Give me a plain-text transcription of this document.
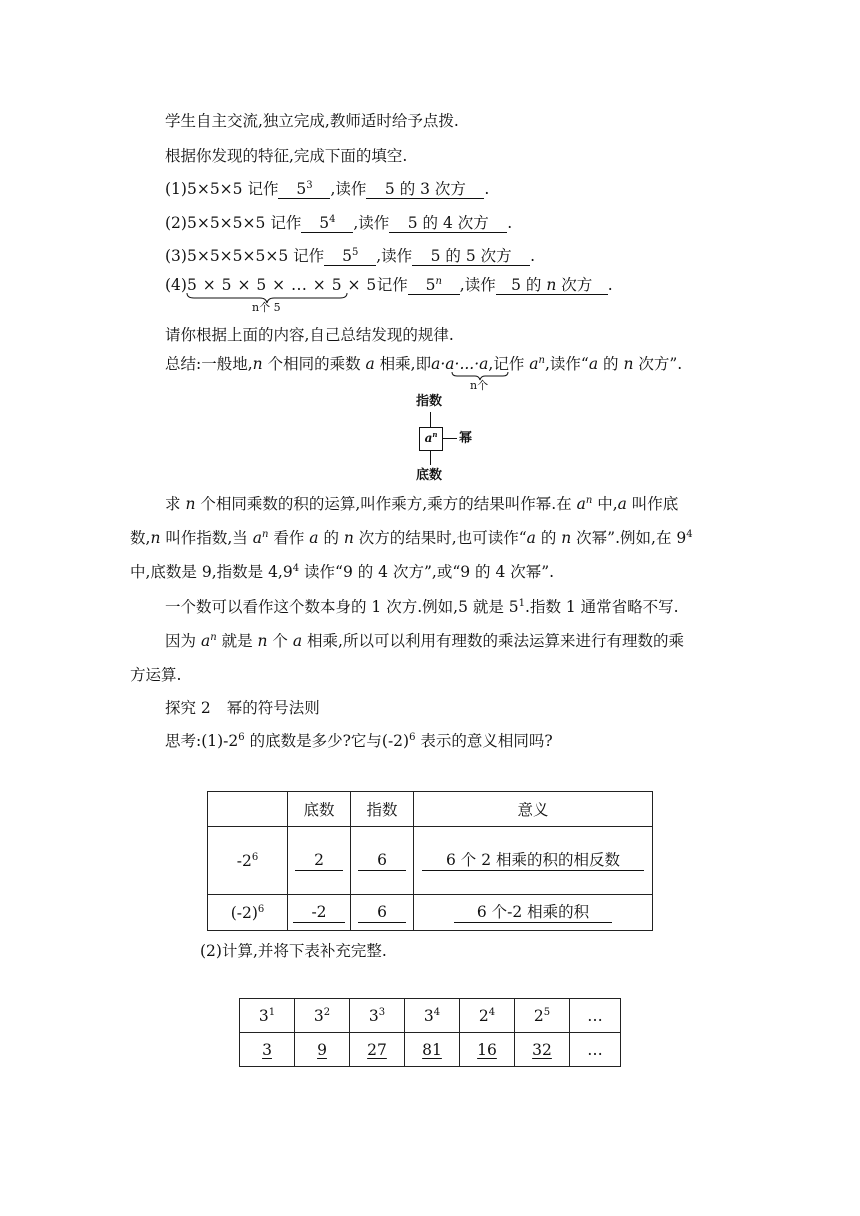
学生自主交流,独立完成,教师适时给予点拨.
根据你发现的特征,完成下面的填空.
(1)5×5×5 记作 $5^3$ ,读作 5 的 3 次方 .
(2)5×5×5×5 记作 $5^4$ ,读作 5 的 4 次方 .
(3)5×5×5×5×5 记作 $5^5$ ,读作 5 的 5 次方 .
(4)5 × 5 × 5 × ... × 5 × 5记作 5$^n$ ,读作 5 的 n 次方 .
n个 5
请你根据上面的内容,自己总结发现的规律.
总结:一般地,n 个相同的乘数 a 相乘,即a·a·...·a,记作 $a^n$,读作“a 的 n 次方”.
n个
指数
$a^n$	幂
底数
求 n 个相同乘数的积的运算,叫作乘方,乘方的结果叫作幂.在 $a^n$ 中,a 叫作底
数,n 叫作指数,当 $a^n$ 看作 a 的 n 次方的结果时,也可读作“a 的 n 次幂”.例如,在 $9^4$
中,底数是 9,指数是 $4,9^4$ 读作“9 的 4 次方”,或“9 的 4 次幂”.
一个数可以看作这个数本身的 1 次方.例如,5 就是 $5^1$.指数 1 通常省略不写.
因为 $a^n$ 就是 n 个 a 相乘,所以可以利用有理数的乘法运算来进行有理数的乘
方运算.
探究 2 幂的符号法则
思考$:(1)-2^6$ 的底数是多少?它与$(-2)^6$ 表示的意义相同吗?
	底数	指数	意义
$-2^6$	2	6	6 个 2 相乘的积的相反数
$(-2)^6$	-2	6	6 个-2 相乘的积
(2)计算,并将下表补充完整.
$3^1$	$3^2$	$3^3$	$3^4$	$2^4$	$2^5$	…
3	9	27	81	16	32	…
